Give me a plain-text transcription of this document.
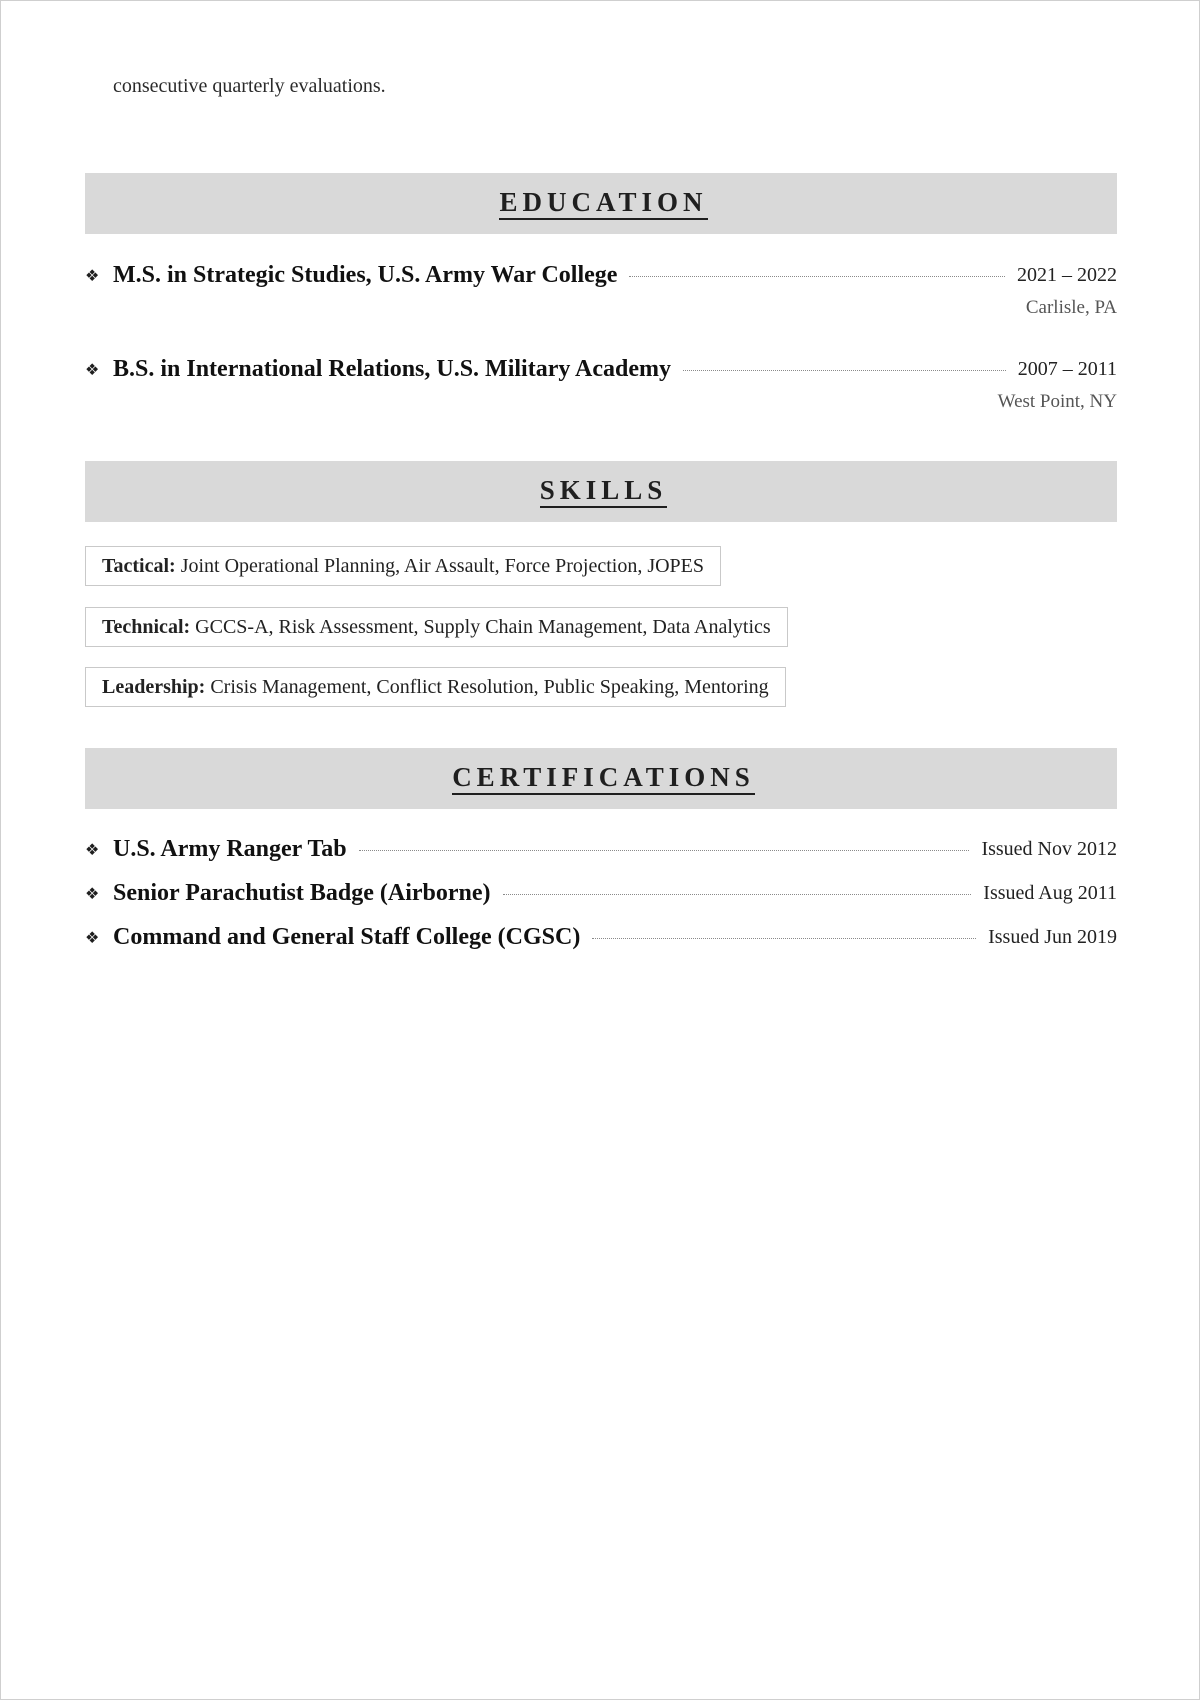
consecutive quarterly evaluations.
EDUCATION
❖ M.S. in Strategic Studies, U.S. Army War College	2021 – 2022
Carlisle, PA
❖ B.S. in International Relations, U.S. Military Academy	2007 – 2011
West Point, NY
SKILLS
Tactical: Joint Operational Planning, Air Assault, Force Projection, JOPES
Technical: GCCS-A, Risk Assessment, Supply Chain Management, Data Analytics
Leadership: Crisis Management, Conflict Resolution, Public Speaking, Mentoring
CERTIFICATIONS
❖ U.S. Army Ranger Tab	Issued Nov 2012
❖ Senior Parachutist Badge (Airborne)	Issued Aug 2011
❖ Command and General Staff College (CGSC)	Issued Jun 2019
